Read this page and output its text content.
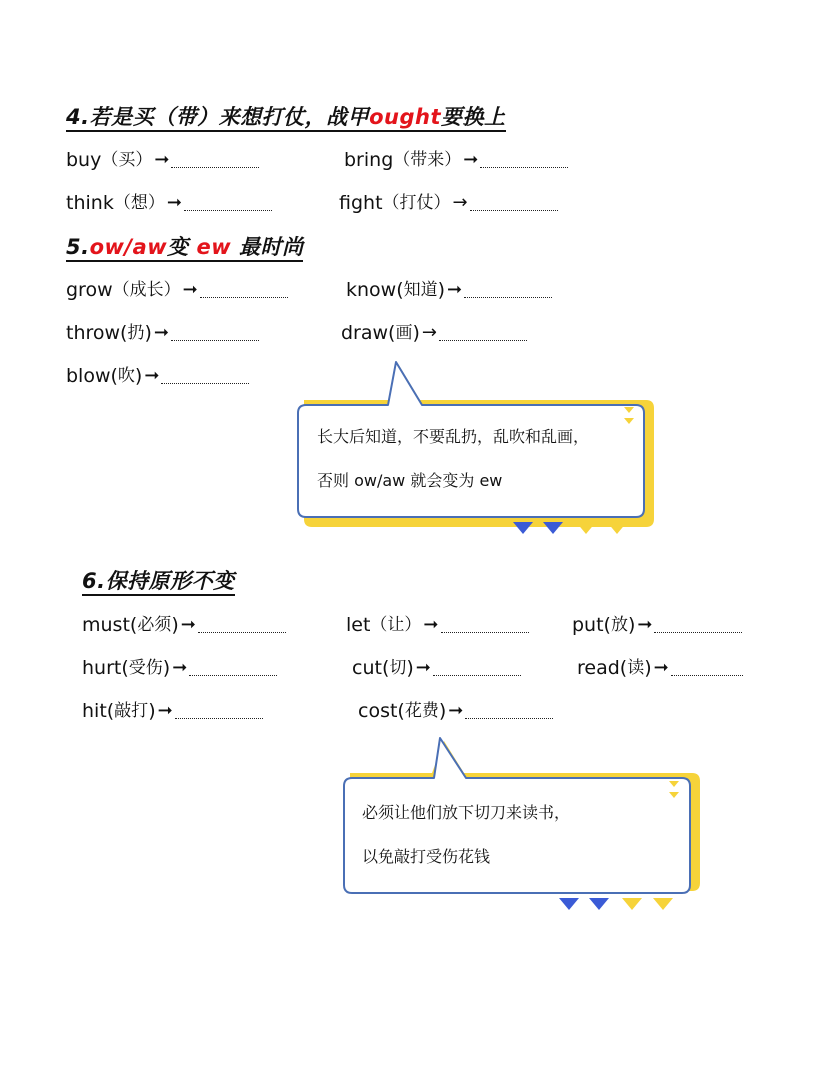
4.若是买（带）来想打仗，战甲ought要换上
buy （买） ➞	bring （带来） ➞
think （想） ➞	fight （打仗） →
5.ow/aw变 ew 最时尚
grow （成长） ➞	know( 知道 ) ➞
throw( 扔 ) ➞	draw( 画 ) →
blow( 吹 ) ➞
长大后知道，不要乱扔，乱吹和乱画，
否则 ow/aw 就会变为 ew
6.保持原形不变
must( 必须 ) ➞	let （让） ➞	put( 放 ) ➞
hurt( 受伤 ) ➞	cut( 切 ) ➞	read( 读 ) ➞
hit( 敲打 ) ➞	cost( 花费 ) ➞
必须让他们放下切刀来读书，
以免敲打受伤花钱
